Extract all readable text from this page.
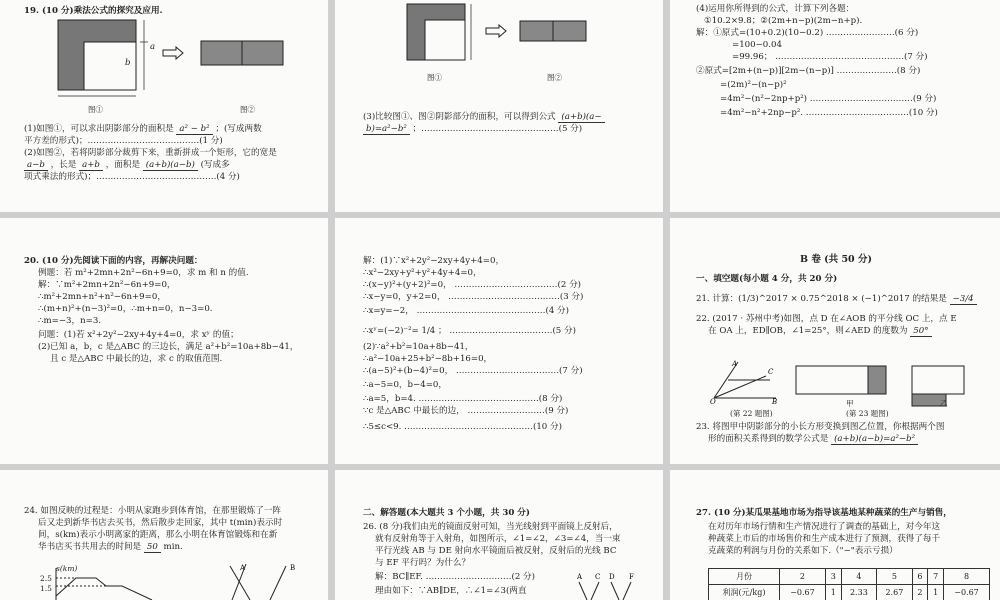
19. (10 分)乘法公式的探究及应用.
a
b
图①	图②
(1)如图①，可以求出阴影部分的面积是 a² − b² ；(写成两数
平方差的形式)；…………………………………(1 分)
(2)如图②，若将阴影部分裁剪下来，重新拼成一个矩形，它的宽是
a−b ，长是 a+b ，面积是 (a+b)(a−b) (写成多
项式乘法的形式)；……………………………………(4 分)
图①	图②
(3)比较图①、图②阴影部分的面积，可以得到公式 (a+b)(a−
b)=a²−b² ；…………………………………………(5 分)
(4)运用你所得到的公式，计算下列各题：
①10.2×9.8；②(2m+n−p)(2m−n+p).
解：①原式=(10+0.2)(10−0.2) ……………………(6 分)
=100−0.04
=99.96； ………………………………………(7 分)
②原式=[2m+(n−p)][2m−(n−p)] …………………(8 分)
=(2m)²−(n−p)²
=4m²−(n²−2np+p²) ………………………………(9 分)
=4m²−n²+2np−p². ………………………………(10 分)
20. (10 分)先阅读下面的内容，再解决问题：
例题：若 m²+2mn+2n²−6n+9=0，求 m 和 n 的值.
解：∵m²+2mn+2n²−6n+9=0，
∴m²+2mn+n²+n²−6n+9=0，
∴(m+n)²+(n−3)²=0，∴m+n=0，n−3=0.
∴m=−3，n=3.
问题：(1)若 x²+2y²−2xy+4y+4=0，求 xʸ 的值；
(2)已知 a，b，c 是△ABC 的三边长，满足 a²+b²=10a+8b−41，
且 c 是△ABC 中最长的边，求 c 的取值范围.
解：(1)∵x²+2y²−2xy+4y+4=0，
∴x²−2xy+y²+y²+4y+4=0，
∴(x−y)²+(y+2)²=0， ………………………………(2 分)
∴x−y=0，y+2=0， …………………………………(3 分)
∴x=y=−2， ………………………………………(4 分)
∴xʸ=(−2)⁻²= 1/4 ； ………………………………(5 分)
(2)∵a²+b²=10a+8b−41，
∴a²−10a+25+b²−8b+16=0，
∴(a−5)²+(b−4)²=0， ………………………………(7 分)
∴a−5=0，b−4=0，
∴a=5，b=4. ……………………………………(8 分)
∵c 是△ABC 中最长的边， ………………………(9 分)
∴5≤c<9. ………………………………………(10 分)
B 卷 (共 50 分)
一、填空题(每小题 4 分，共 20 分)
21. 计算：(1/3)^2017 × 0.75^2018 × (−1)^2017 的结果是 −3/4
22. (2017 · 苏州中考)如图，点 D 在∠AOB 的平分线 OC 上，点 E
在 OA 上，ED∥OB，∠1=25°，则∠AED 的度数为 50°
A
C
O	B
(第 22 题图)
甲	乙
(第 23 题图)
23. 将图甲中阴影部分的小长方形变换到图乙位置，你根据两个图
形的面积关系得到的数学公式是 (a+b)(a−b)=a²−b²
24. 如图反映的过程是：小明从家跑步到体育馆，在那里锻炼了一阵
后又走到新华书店去买书，然后散步走回家，其中 t(min)表示时
间，s(km)表示小明离家的距离，那么小明在体育馆锻炼和在新
华书店买书共用去的时间是 50 min.
s(km)
2.5
1.5
A	B
二、解答题(本大题共 3 个小题，共 30 分)
26. (8 分)我们由光的镜面反射可知，当光线射到平面镜上反射后，
就有反射角等于入射角，如图所示，∠1=∠2，∠3=∠4，当一束
平行光线 AB 与 DE 射向水平镜面后被反射，反射后的光线 BC
与 EF 平行吗？为什么？
解：BC∥EF. …………………………(2 分)
理由如下：∵AB∥DE，∴∠1=∠3(两直
A C D F
27. (10 分)某瓜果基地市场为指导该基地某种蔬菜的生产与销售，
在对历年市场行情和生产情况进行了调查的基础上，对今年这
种蔬菜上市后的市场售价和生产成本进行了预测，获得了每千
克蔬菜的利润与月份的关系如下.（"−"表示亏损）
月份	2	3	4	5	6	7	8
利润(元/kg)	−0.67	1	2.33	2.67	2	1	−0.67
